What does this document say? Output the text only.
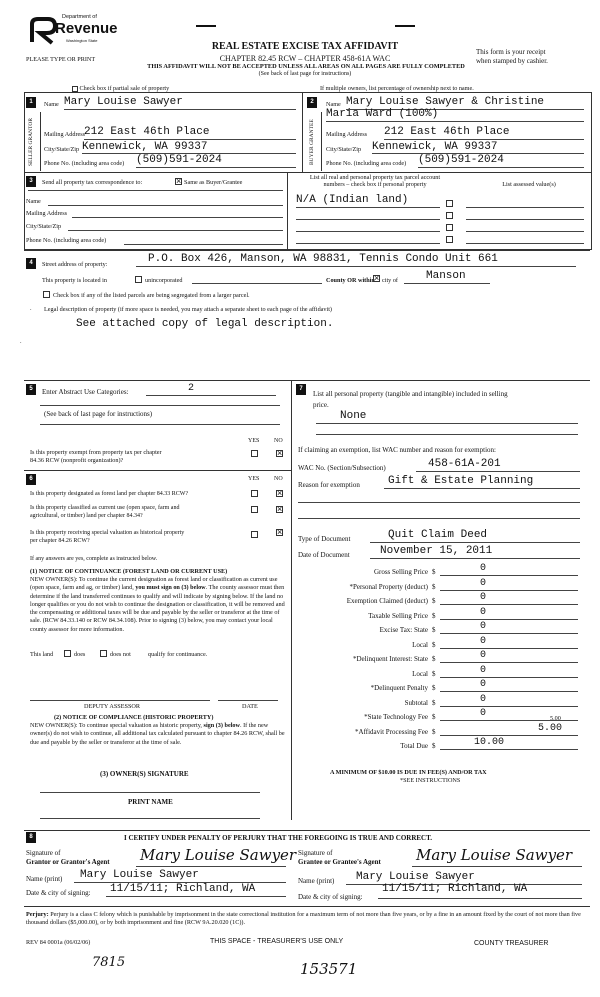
Department of
Revenue
Washington State
PLEASE TYPE OR PRINT
REAL ESTATE EXCISE TAX AFFIDAVIT
CHAPTER 82.45 RCW – CHAPTER 458-61A WAC
THIS AFFIDAVIT WILL NOT BE ACCEPTED UNLESS ALL AREAS ON ALL PAGES ARE FULLY COMPLETED
(See back of last page for instructions)
This form is your receipt
when stamped by cashier.
Check box if partial sale of property	If multiple owners, list percentage of ownership next to name.
1
SELLER GRANTOR
Name Mary Louise Sawyer
Mailing Address
212 East 46th Place
City/State/Zip Kennewick, WA 99337
Phone No. (including area code) (509)591-2024
2
BUYER GRANTEE
Name Mary Louise Sawyer & Christine
Maria Ward (100%)
Mailing Address 212 East 46th Place
City/State/Zip Kennewick, WA 99337
Phone No. (including area code) (509)591-2024
3	Send all property tax correspondence to:	× Same as Buyer/Grantee
Name
Mailing Address
City/State/Zip
Phone No. (including area code)
List all real and personal property tax parcel account
numbers – check box if personal property	List assessed value(s)
N/A (Indian land)
4	Street address of property:	P.O. Box 426, Manson, WA 98831, Tennis Condo Unit 661
This property is located in	unincorporated	County OR within × city of	Manson
Check box if any of the listed parcels are being segregated from a larger parcel.
. Legal description of property (if more space is needed, you may attach a separate sheet to each page of the affidavit)
See attached copy of legal description.
.
5	Enter Abstract Use Categories:	2
(See back of last page for instructions)
YES NO
Is this property exempt from property tax per chapter
84.36 RCW (nonprofit organization)?
×
6	YES NO
Is this property designated as forest land per chapter 84.33 RCW?	×
Is this property classified as current use (open space, farm and
agricultural, or timber) land per chapter 84.34?
×
Is this property receiving special valuation as historical property
per chapter 84.26 RCW?
×
If any answers are yes, complete as instructed below.
(1) NOTICE OF CONTINUANCE (FOREST LAND OR CURRENT USE)
NEW OWNER(S): To continue the current designation as forest land or classification as current use (open space, farm and ag, or timber) land, you must sign on (3) below. The county assessor must then determine if the land transferred continues to qualify and will indicate by signing below. If the land no longer qualifies or you do not wish to continue the designation or classification, it will be removed and the compensating or additional taxes will be due and payable by the seller or transferor at the time of sale. (RCW 84.33.140 or RCW 84.34.108). Prior to signing (3) below, you may contact your local county assessor for more information.
This land	does	does not	qualify for continuance.
DEPUTY ASSESSOR	DATE
(2) NOTICE OF COMPLIANCE (HISTORIC PROPERTY)
NEW OWNER(S): To continue special valuation as historic property, sign (3) below. If the new owner(s) do not wish to continue, all additional tax calculated pursuant to chapter 84.26 RCW, shall be due and payable by the seller or transferor at the time of sale.
(3) OWNER(S) SIGNATURE
PRINT NAME
7
List all personal property (tangible and intangible) included in selling
price.
None
If claiming an exemption, list WAC number and reason for exemption:
WAC No. (Section/Subsection)	458-61A-201
Reason for exemption	Gift & Estate Planning
Type of Document	Quit Claim Deed
Date of Document	November 15, 2011
Gross Selling Price $	0
*Personal Property (deduct) $	0
Exemption Claimed (deduct) $	0
Taxable Selling Price $	0
Excise Tax: State $	0
Local $	0
*Delinquent Interest: State $	0
Local $	0
*Delinquent Penalty $	0
Subtotal $	0
*State Technology Fee $	0	5.00
*Affidavit Processing Fee $	5.00
Total Due $	10.00
A MINIMUM OF $10.00 IS DUE IN FEE(S) AND/OR TAX
*SEE INSTRUCTIONS
8	I CERTIFY UNDER PENALTY OF PERJURY THAT THE FOREGOING IS TRUE AND CORRECT.
Signature of
Grantor or Grantor's Agent Mary Louise Sawyer
Name (print) Mary Louise Sawyer
Date & city of signing: 11/15/11; Richland, WA
Signature of
Grantee or Grantee's Agent Mary Louise Sawyer
Name (print) Mary Louise Sawyer
Date & city of signing:
11/15/11; Richland, WA
Perjury: Perjury is a class C felony which is punishable by imprisonment in the state correctional institution for a maximum term of not more than five years, or by a fine in an amount fixed by the court of not more than five thousand dollars ($5,000.00), or by both imprisonment and fine (RCW 9A.20.020 (1C)).
REV 84 0001a (06/02/06)	THIS SPACE - TREASURER'S USE ONLY	COUNTY TREASURER
7815	153571
